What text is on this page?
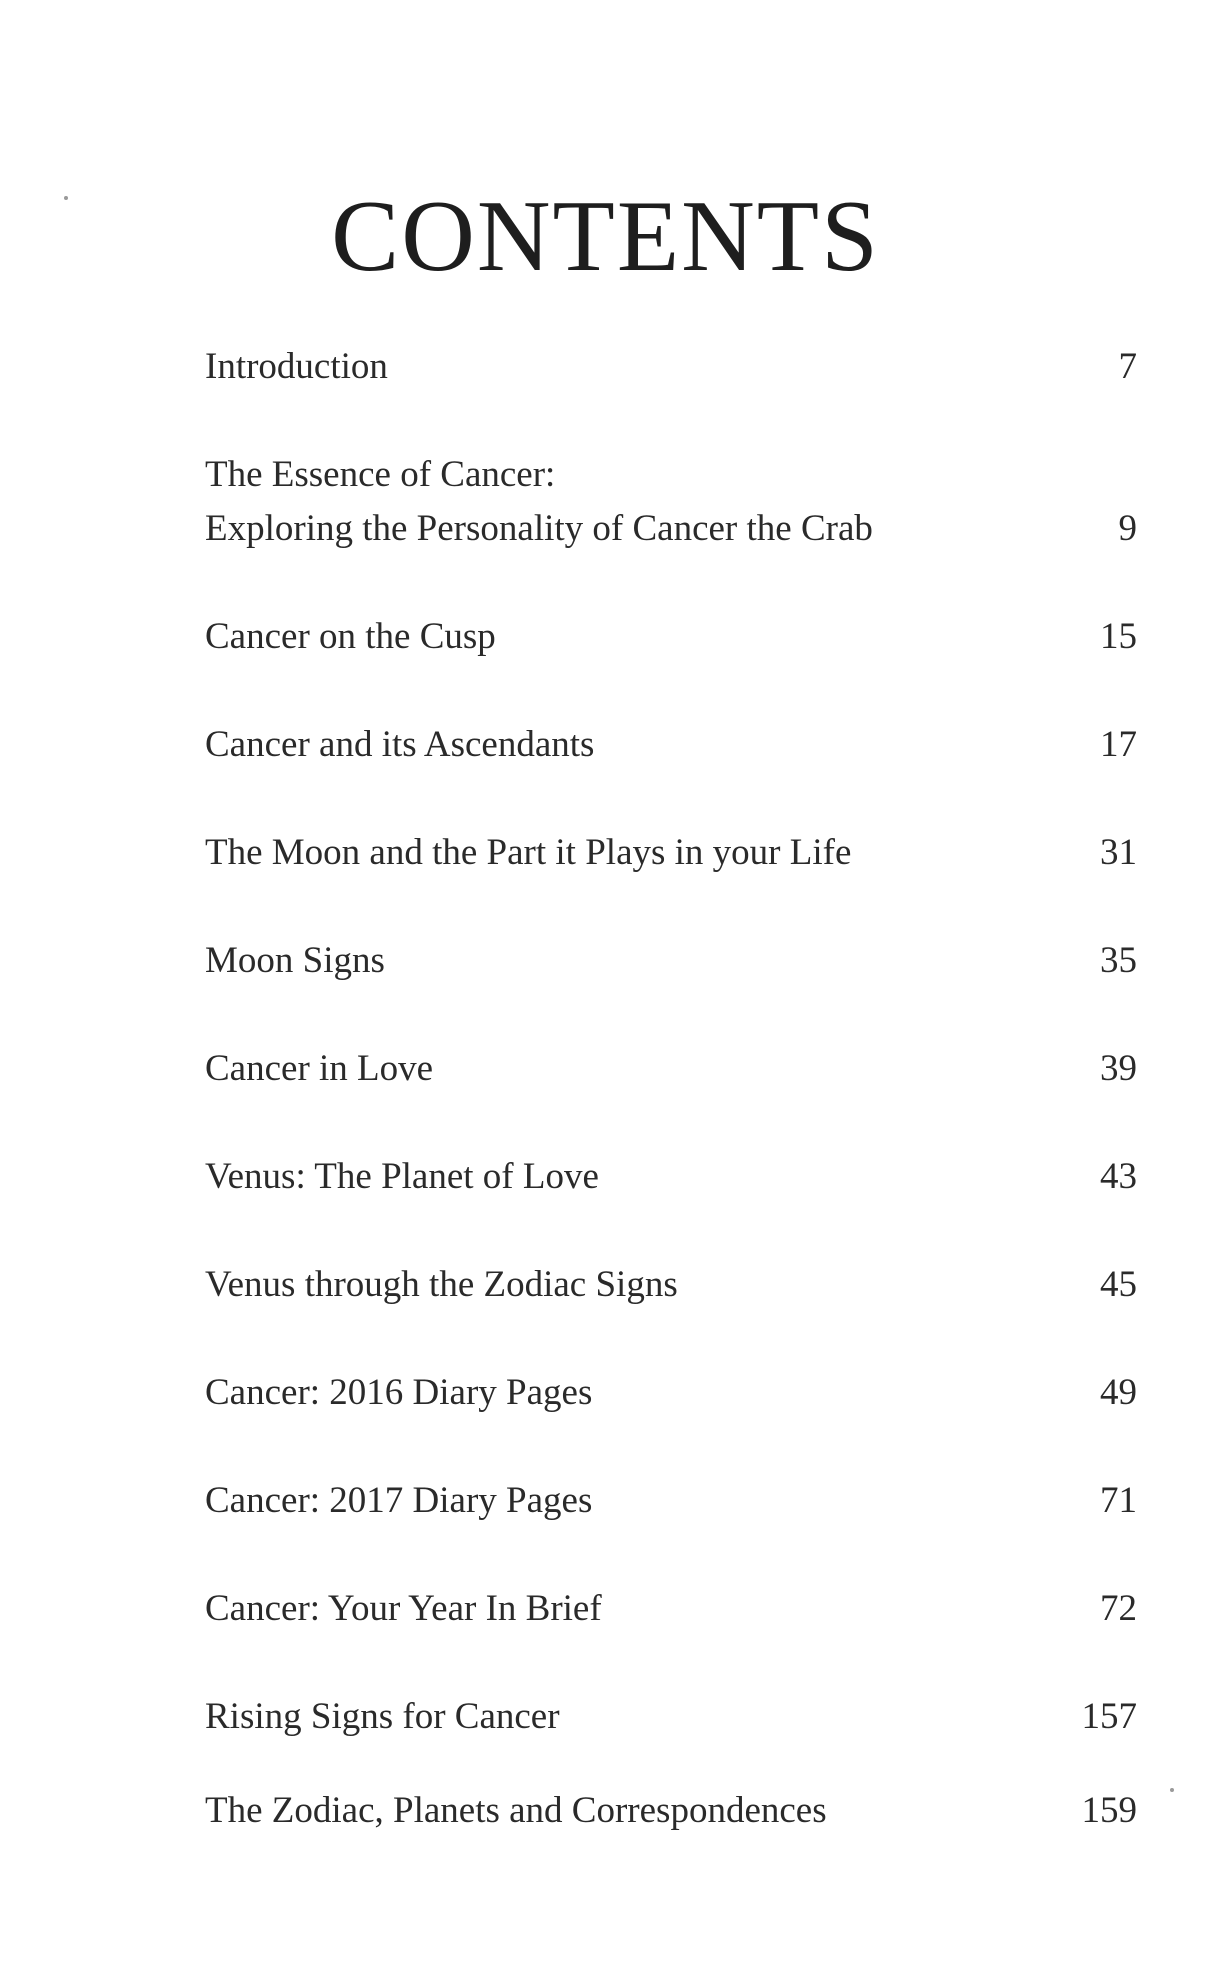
CONTENTS
Introduction	7
The Essence of Cancer:
Exploring the Personality of Cancer the Crab	9
Cancer on the Cusp	15
Cancer and its Ascendants	17
The Moon and the Part it Plays in your Life	31
Moon Signs	35
Cancer in Love	39
Venus: The Planet of Love	43
Venus through the Zodiac Signs	45
Cancer: 2016 Diary Pages	49
Cancer: 2017 Diary Pages	71
Cancer: Your Year In Brief	72
Rising Signs for Cancer	157
The Zodiac, Planets and Correspondences	159
